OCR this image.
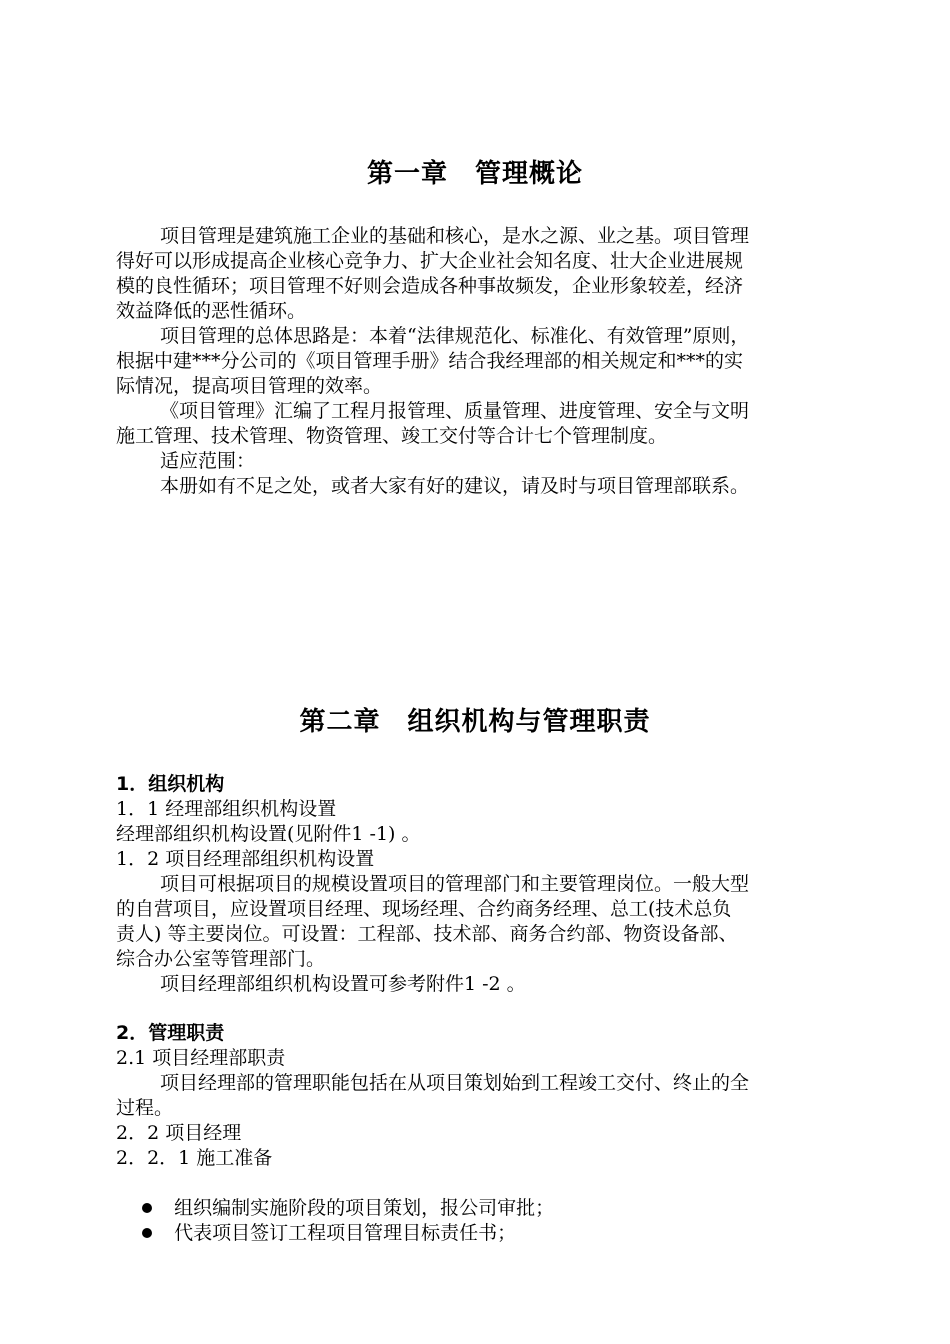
第一章　管理概论
项目管理是建筑施工企业的基础和核心，是水之源、业之基。项目管理
得好可以形成提高企业核心竞争力、扩大企业社会知名度、壮大企业进展规
模的良性循环；项目管理不好则会造成各种事故频发，企业形象较差，经济
效益降低的恶性循环。
项目管理的总体思路是：本着“法律规范化、标准化、有效管理”原则，
根据中建***分公司的《项目管理手册》结合我经理部的相关规定和***的实
际情况，提高项目管理的效率。
《项目管理》汇编了工程月报管理、质量管理、进度管理、安全与文明
施工管理、技术管理、物资管理、竣工交付等合计七个管理制度。
适应范围：
本册如有不足之处，或者大家有好的建议，请及时与项目管理部联系。
第二章　组织机构与管理职责
1．组织机构
1．1 经理部组织机构设置
经理部组织机构设置(见附件1 -1) 。
1．2 项目经理部组织机构设置
项目可根据项目的规模设置项目的管理部门和主要管理岗位。一般大型
的自营项目，应设置项目经理、现场经理、合约商务经理、总工(技术总负
责人) 等主要岗位。可设置：工程部、技术部、商务合约部、物资设备部、
综合办公室等管理部门。
项目经理部组织机构设置可参考附件1 -2 。
2．管理职责
2.1 项目经理部职责
项目经理部的管理职能包括在从项目策划始到工程竣工交付、终止的全
过程。
2．2 项目经理
2．2．1 施工准备

组织编制实施阶段的项目策划，报公司审批；

代表项目签订工程项目管理目标责任书；
